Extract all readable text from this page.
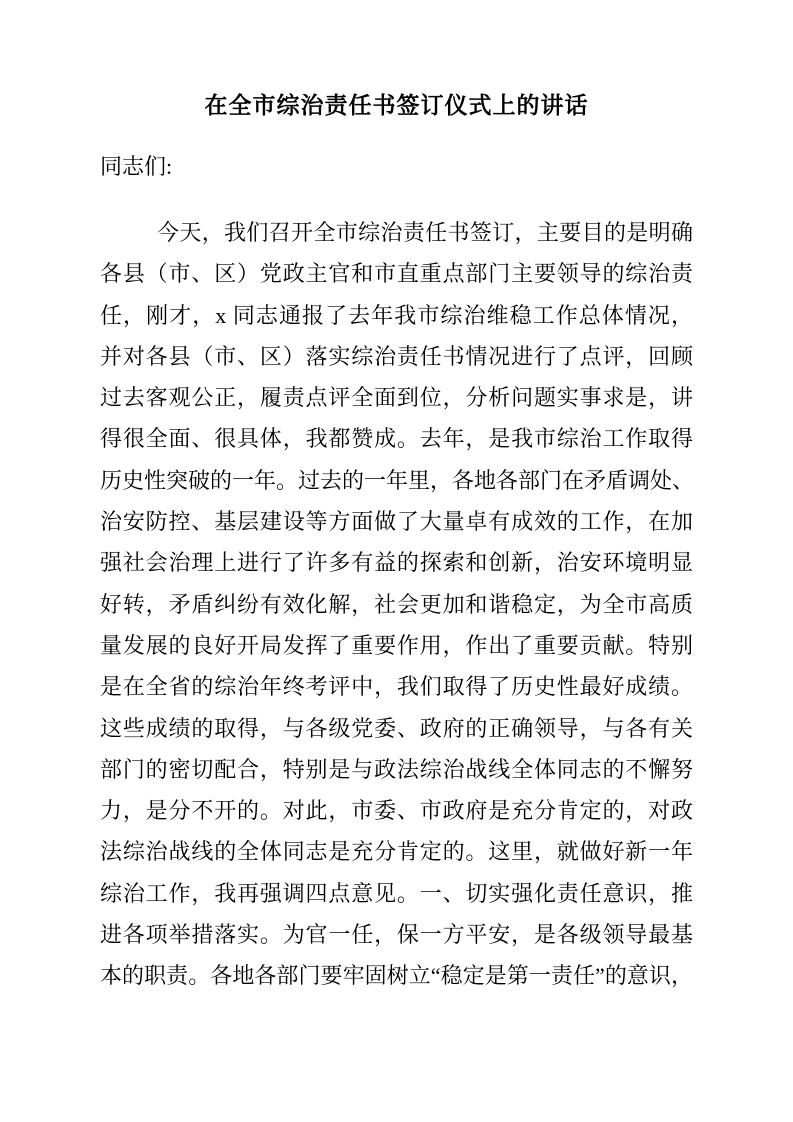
在全市综治责任书签订仪式上的讲话
同志们:
今天，我们召开全市综治责任书签订，主要目的是明确
各县（市、区）党政主官和市直重点部门主要领导的综治责
任，刚才，x 同志通报了去年我市综治维稳工作总体情况，
并对各县（市、区）落实综治责任书情况进行了点评，回顾
过去客观公正，履责点评全面到位，分析问题实事求是，讲
得很全面、很具体，我都赞成。去年，是我市综治工作取得
历史性突破的一年。过去的一年里，各地各部门在矛盾调处、
治安防控、基层建设等方面做了大量卓有成效的工作，在加
强社会治理上进行了许多有益的探索和创新，治安环境明显
好转，矛盾纠纷有效化解，社会更加和谐稳定，为全市高质
量发展的良好开局发挥了重要作用，作出了重要贡献。特别
是在全省的综治年终考评中，我们取得了历史性最好成绩。
这些成绩的取得，与各级党委、政府的正确领导，与各有关
部门的密切配合，特别是与政法综治战线全体同志的不懈努
力，是分不开的。对此，市委、市政府是充分肯定的，对政
法综治战线的全体同志是充分肯定的。这里，就做好新一年
综治工作，我再强调四点意见。一、切实强化责任意识，推
进各项举措落实。为官一任，保一方平安，是各级领导最基
本的职责。各地各部门要牢固树立“稳定是第一责任”的意识，
